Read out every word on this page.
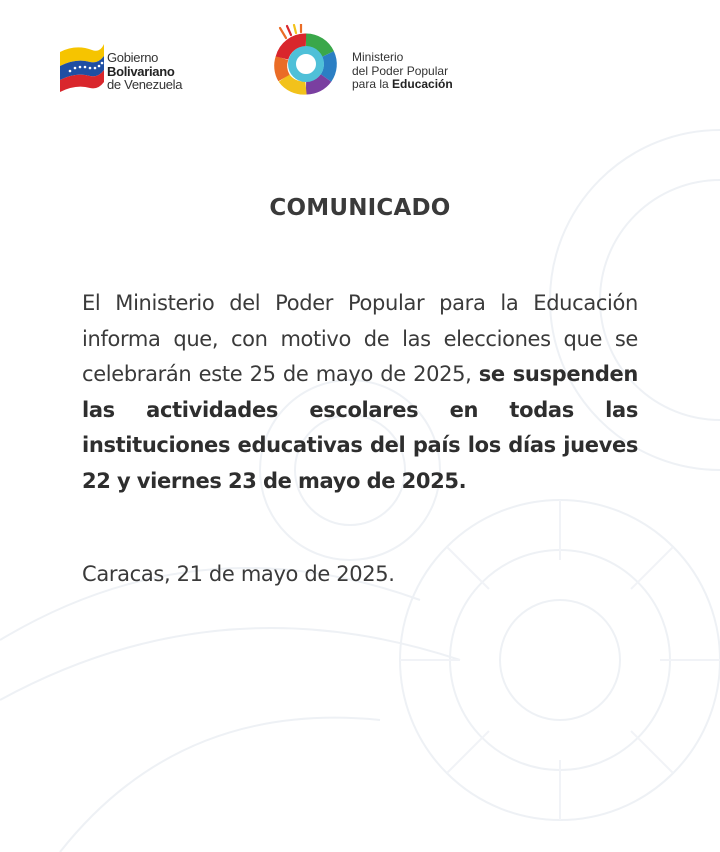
Gobierno
Bolivariano
de Venezuela
Ministerio
del Poder Popular
para la Educación
COMUNICADO
El Ministerio del Poder Popular para la Educación informa que, con motivo de las elecciones que se celebrarán este 25 de mayo de 2025, se suspenden las actividades escolares en todas las instituciones educativas del país los días jueves 22 y viernes 23 de mayo de 2025.
Caracas, 21 de mayo de 2025.
